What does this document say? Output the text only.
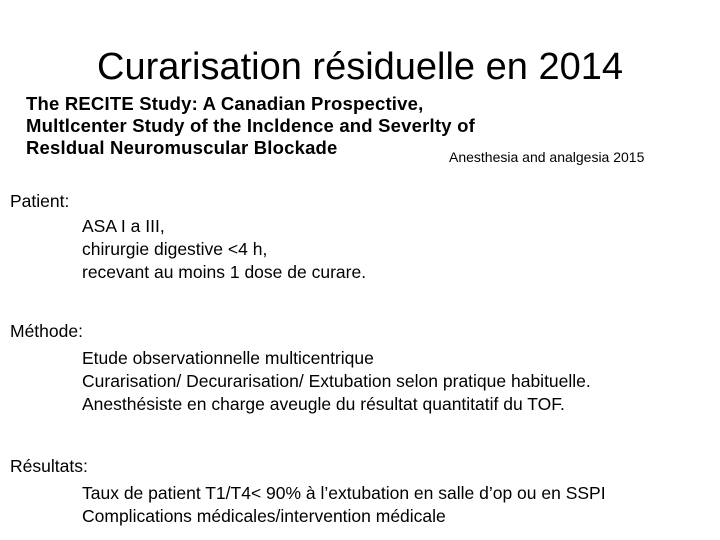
Curarisation résiduelle en 2014
The RECITE Study: A Canadian Prospective,
Multlcenter Study of the Incldence and Severlty of
Resldual Neuromuscular Blockade	Anesthesia and analgesia 2015
Patient:
ASA I a III,
chirurgie digestive <4 h,
recevant au moins 1 dose de curare.
Méthode:
Etude observationnelle multicentrique
Curarisation/ Decurarisation/ Extubation selon pratique habituelle.
Anesthésiste en charge aveugle du résultat quantitatif du TOF.
Résultats:
Taux de patient T1/T4< 90% à l’extubation en salle d’op ou en SSPI
Complications médicales/intervention médicale
